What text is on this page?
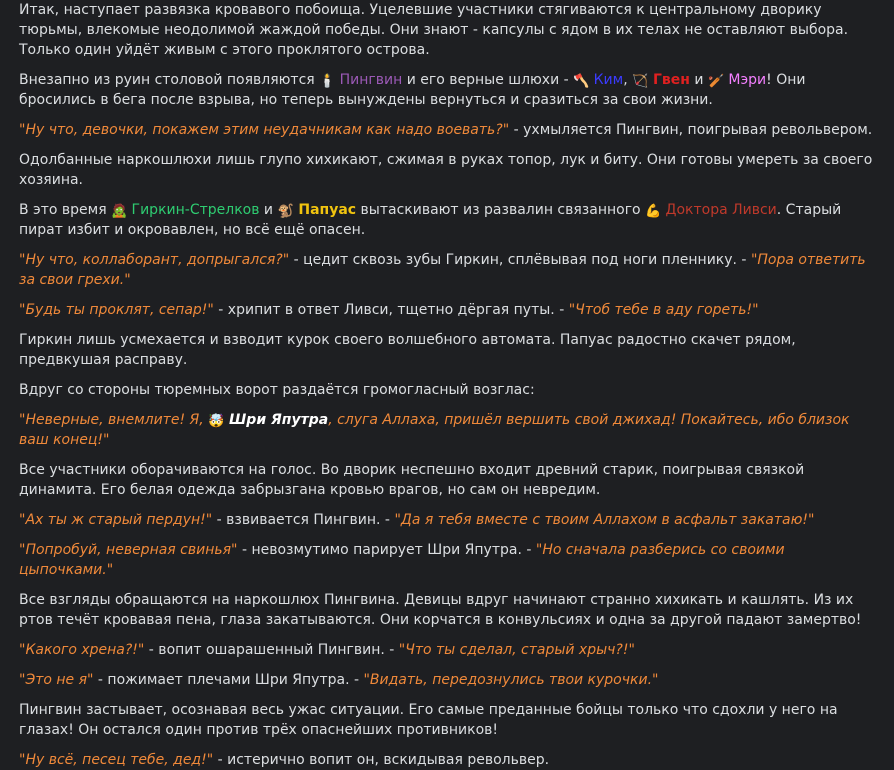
Итак, наступает развязка кровавого побоища. Уцелевшие участники стягиваются к центральному дворику тюрьмы, влекомые неодолимой жаждой победы. Они знают - капсулы с ядом в их телах не оставляют выбора. Только один уйдёт живым с этого проклятого острова.
Внезапно из руин столовой появляются 🕯️ Пингвин и его верные шлюхи - 🪓 Ким, 🏹 Гвен и 🏏 Мэри! Они бросились в бега после взрыва, но теперь вынуждены вернуться и сразиться за свои жизни.
"Ну что, девочки, покажем этим неудачникам как надо воевать?" - ухмыляется Пингвин, поигрывая револьвером.
Одолбанные наркошлюхи лишь глупо хихикают, сжимая в руках топор, лук и биту. Они готовы умереть за своего хозяина.
В это время 🧟 Гиркин-Стрелков и 🐒 Папуас вытаскивают из развалин связанного 💪 Доктора Ливси. Старый пират избит и окровавлен, но всё ещё опасен.
"Ну что, коллаборант, допрыгался?" - цедит сквозь зубы Гиркин, сплёвывая под ноги пленнику. - "Пора ответить за свои грехи."
"Будь ты проклят, сепар!" - хрипит в ответ Ливси, тщетно дёргая путы. - "Чтоб тебе в аду гореть!"
Гиркин лишь усмехается и взводит курок своего волшебного автомата. Папуас радостно скачет рядом, предвкушая расправу.
Вдруг со стороны тюремных ворот раздаётся громогласный возглас:
"Неверные, внемлите! Я, 🤯 Шри Япутра, слуга Аллаха, пришёл вершить свой джихад! Покайтесь, ибо близок ваш конец!"
Все участники оборачиваются на голос. Во дворик неспешно входит древний старик, поигрывая связкой динамита. Его белая одежда забрызгана кровью врагов, но сам он невредим.
"Ах ты ж старый пердун!" - взвивается Пингвин. - "Да я тебя вместе с твоим Аллахом в асфальт закатаю!"
"Попробуй, неверная свинья" - невозмутимо парирует Шри Япутра. - "Но сначала разберись со своими цыпочками."
Все взгляды обращаются на наркошлюх Пингвина. Девицы вдруг начинают странно хихикать и кашлять. Из их ртов течёт кровавая пена, глаза закатываются. Они корчатся в конвульсиях и одна за другой падают замертво!
"Какого хрена?!" - вопит ошарашенный Пингвин. - "Что ты сделал, старый хрыч?!"
"Это не я" - пожимает плечами Шри Япутра. - "Видать, передознулись твои курочки."
Пингвин застывает, осознавая весь ужас ситуации. Его самые преданные бойцы только что сдохли у него на глазах! Он остался один против трёх опаснейших противников!
"Ну всё, песец тебе, дед!" - истерично вопит он, вскидывая револьвер.
